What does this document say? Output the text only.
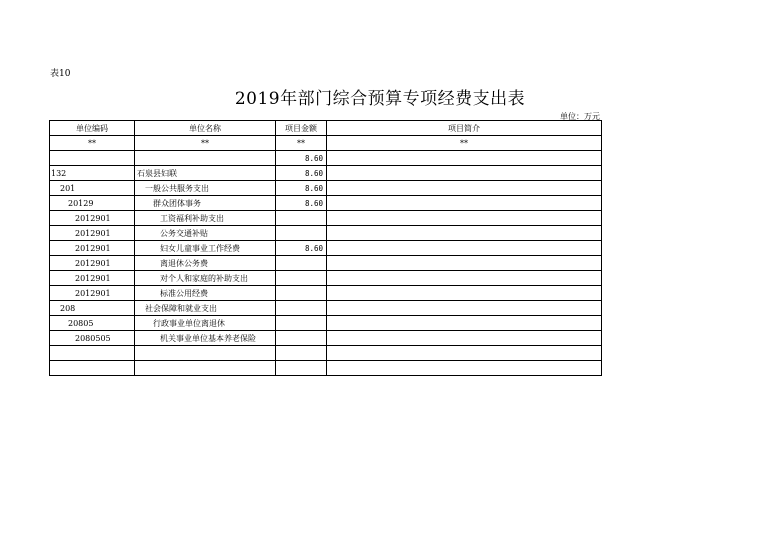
表10
2019年部门综合预算专项经费支出表
单位：万元
单位编码	单位名称	项目金额	项目简介
**	**	**	**
		8.60	
132	石泉县妇联	8.60	
201	一般公共服务支出	8.60	
20129	群众团体事务	8.60	
2012901	工资福利补助支出		
2012901	公务交通补贴		
2012901	妇女儿童事业工作经费	8.60	
2012901	离退休公务费		
2012901	对个人和家庭的补助支出		
2012901	标准公用经费		
208	社会保障和就业支出		
20805	行政事业单位离退休		
2080505	机关事业单位基本养老保险		
